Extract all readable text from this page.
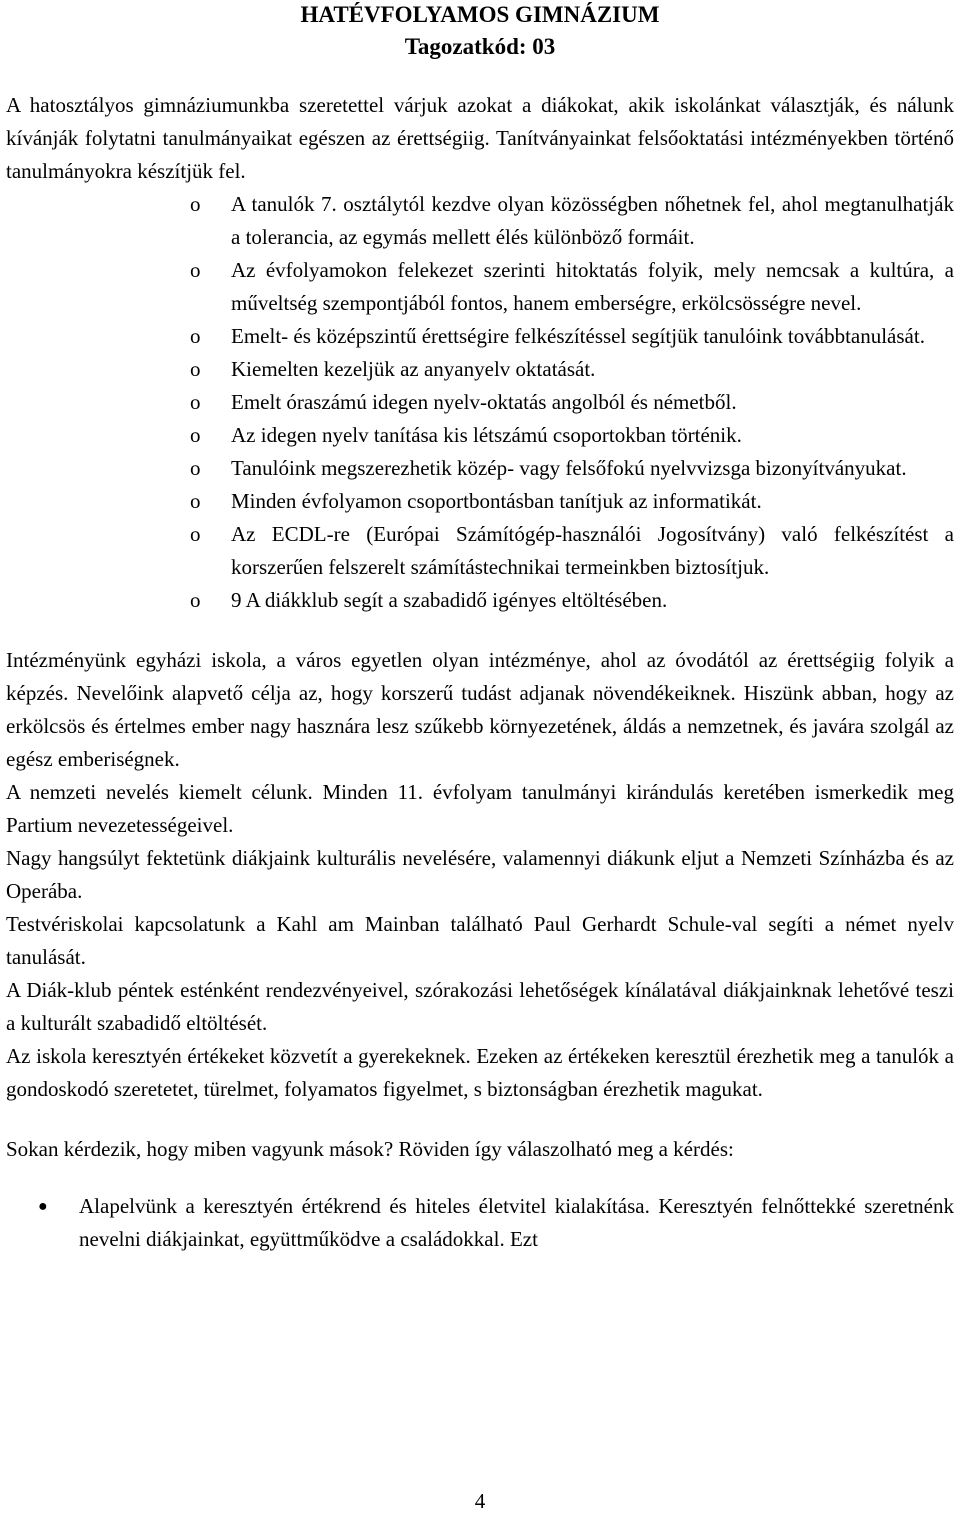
HATÉVFOLYAMOS GIMNÁZIUM
Tagozatkód: 03

A hatosztályos gimnáziumunkba szeretettel várjuk azokat a diákokat, akik iskolánkat választják, és nálunk kívánják folytatni tanulmányaikat egészen az érettségiig. Tanítványainkat felsőoktatási intézményekben történő tanulmányokra készítjük fel.

o A tanulók 7. osztálytól kezdve olyan közösségben nőhetnek fel, ahol megtanulhatják a tolerancia, az egymás mellett élés különböző formáit.
o Az évfolyamokon felekezet szerinti hitoktatás folyik, mely nemcsak a kultúra, a műveltség szempontjából fontos, hanem emberségre, erkölcsösségre nevel.
o Emelt- és középszintű érettségire felkészítéssel segítjük tanulóink továbbtanulását.
o Kiemelten kezeljük az anyanyelv oktatását.
o Emelt óraszámú idegen nyelv-oktatás angolból és németből.
o Az idegen nyelv tanítása kis létszámú csoportokban történik.
o Tanulóink megszerezhetik közép- vagy felsőfokú nyelvvizsga bizonyítványukat.
o Minden évfolyamon csoportbontásban tanítjuk az informatikát.
o Az ECDL-re (Európai Számítógép-használói Jogosítvány) való felkészítést a korszerűen felszerelt számítástechnikai termeinkben biztosítjuk.
o 9 A diákklub segít a szabadidő igényes eltöltésében.

Intézményünk egyházi iskola, a város egyetlen olyan intézménye, ahol az óvodától az érettségiig folyik a képzés. Nevelőink alapvető célja az, hogy korszerű tudást adjanak növendékeiknek. Hiszünk abban, hogy az erkölcsös és értelmes ember nagy hasznára lesz szűkebb környezetének, áldás a nemzetnek, és javára szolgál az egész emberiségnek.

A nemzeti nevelés kiemelt célunk. Minden 11. évfolyam tanulmányi kirándulás keretében ismerkedik meg Partium nevezetességeivel.

Nagy hangsúlyt fektetünk diákjaink kulturális nevelésére, valamennyi diákunk eljut a Nemzeti Színházba és az Operába.

Testvériskolai kapcsolatunk a Kahl am Mainban található Paul Gerhardt Schule-val segíti a német nyelv tanulását.

A Diák-klub péntek esténként rendezvényeivel, szórakozási lehetőségek kínálatával diákjainknak lehetővé teszi a kulturált szabadidő eltöltését.

Az iskola keresztyén értékeket közvetít a gyerekeknek. Ezeken az értékeken keresztül érezhetik meg a tanulók a gondoskodó szeretetet, türelmet, folyamatos figyelmet, s biztonságban érezhetik magukat.

Sokan kérdezik, hogy miben vagyunk mások? Röviden így válaszolható meg a kérdés:

● Alapelvünk a keresztyén értékrend és hiteles életvitel kialakítása. Keresztyén felnőttekké szeretnénk nevelni diákjainkat, együttműködve a családokkal. Ezt
4
